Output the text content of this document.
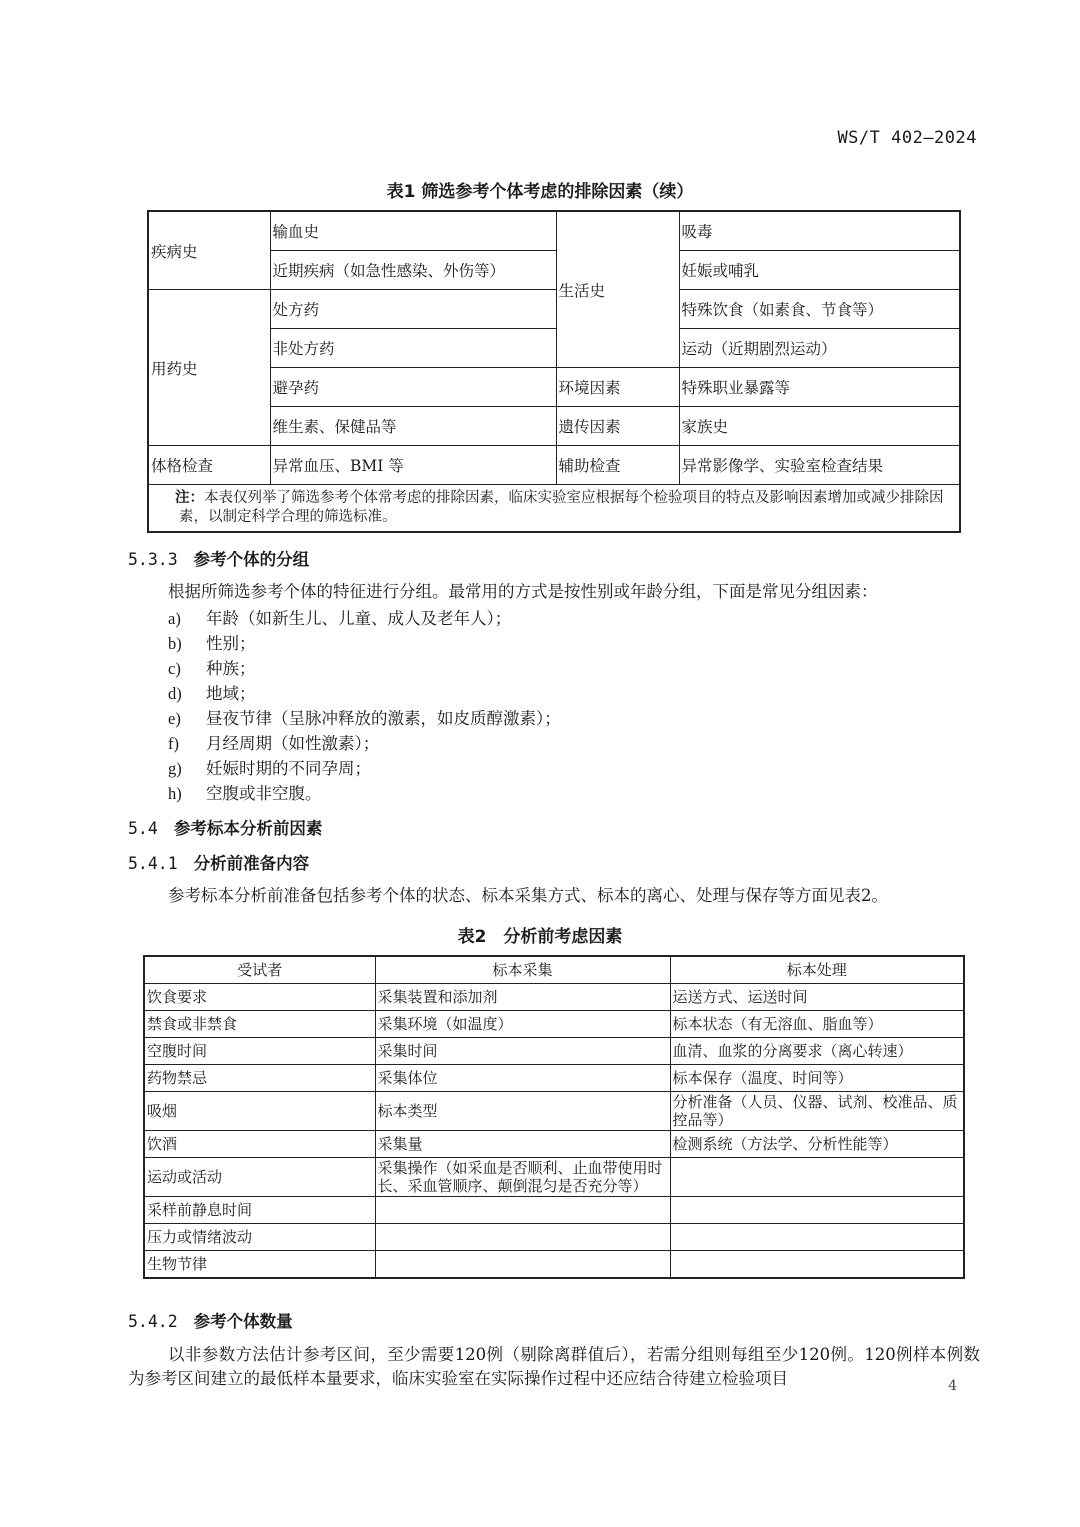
WS/T 402—2024
表1 筛选参考个体考虑的排除因素（续）
疾病史	输血史	生活史	吸毒
	近期疾病（如急性感染、外伤等）		妊娠或哺乳
用药史	处方药		特殊饮食（如素食、节食等）
	非处方药		运动（近期剧烈运动）
	避孕药	环境因素	特殊职业暴露等
	维生素、保健品等	遗传因素	家族史
体格检查	异常血压、BMI 等	辅助检查	异常影像学、实验室检查结果
注：本表仅列举了筛选参考个体常考虑的排除因素，临床实验室应根据每个检验项目的特点及影响因素增加或减少排除因素，以制定科学合理的筛选标准。			
5.3.3 参考个体的分组
根据所筛选参考个体的特征进行分组。最常用的方式是按性别或年龄分组，下面是常见分组因素：
a) 年龄（如新生儿、儿童、成人及老年人）；
b) 性别；
c) 种族；
d) 地域；
e) 昼夜节律（呈脉冲释放的激素，如皮质醇激素）；
f) 月经周期（如性激素）；
g) 妊娠时期的不同孕周；
h) 空腹或非空腹。
5.4 参考标本分析前因素
5.4.1 分析前准备内容
参考标本分析前准备包括参考个体的状态、标本采集方式、标本的离心、处理与保存等方面见表2。
表2　分析前考虑因素
受试者	标本采集	标本处理
饮食要求	采集装置和添加剂	运送方式、运送时间
禁食或非禁食	采集环境（如温度）	标本状态（有无溶血、脂血等）
空腹时间	采集时间	血清、血浆的分离要求（离心转速）
药物禁忌	采集体位	标本保存（温度、时间等）
吸烟	标本类型	分析准备（人员、仪器、试剂、校准品、质控品等）
饮酒	采集量	检测系统（方法学、分析性能等）
运动或活动	采集操作（如采血是否顺利、止血带使用时长、采血管顺序、颠倒混匀是否充分等）	
采样前静息时间		
压力或情绪波动		
生物节律		
5.4.2 参考个体数量
以非参数方法估计参考区间，至少需要120例（剔除离群值后），若需分组则每组至少120例。120例样本例数为参考区间建立的最低样本量要求，临床实验室在实际操作过程中还应结合待建立检验项目	4
